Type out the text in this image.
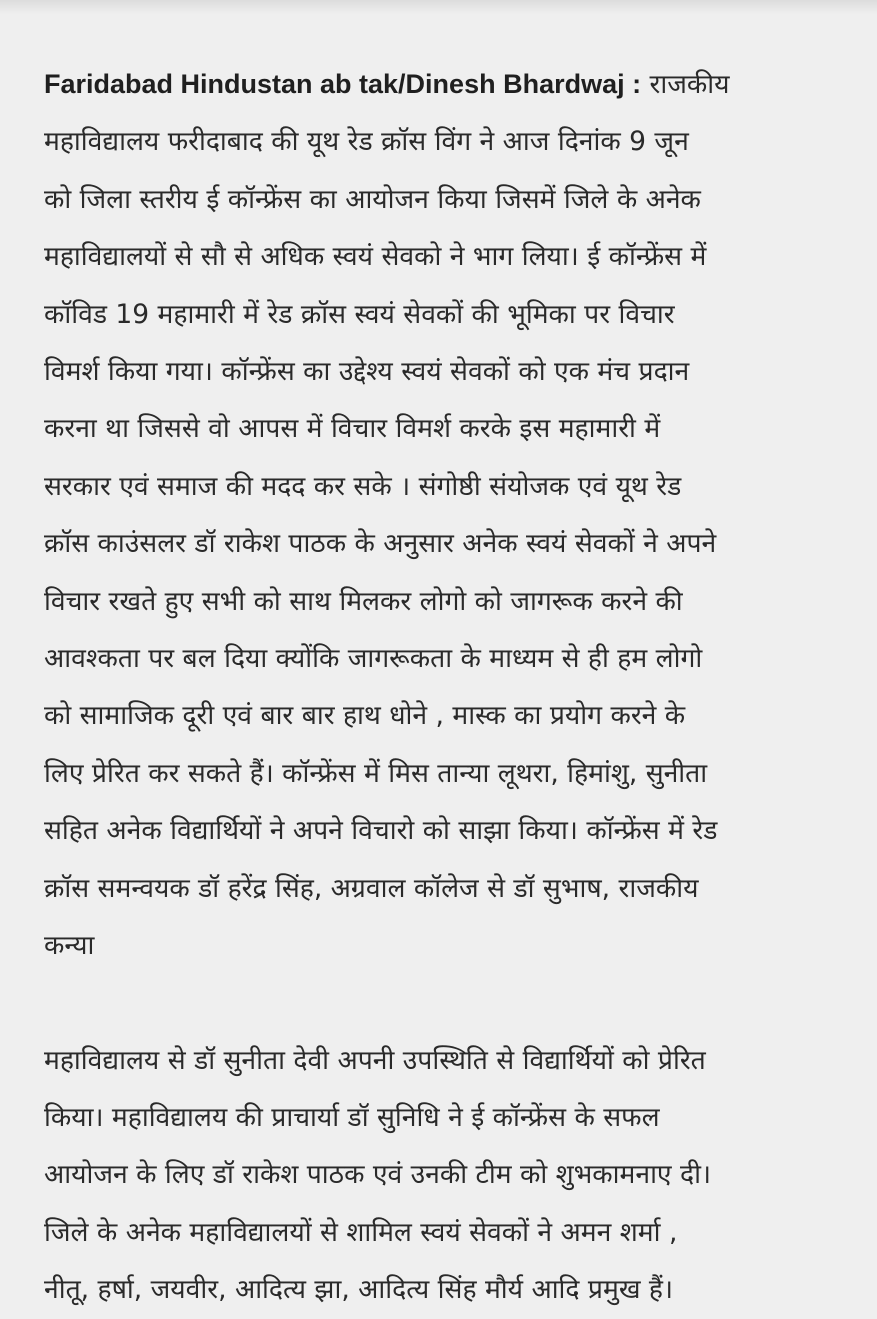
Faridabad Hindustan ab tak/Dinesh Bhardwaj : राजकीय
महाविद्यालय फरीदाबाद की यूथ रेड क्रॉस विंग ने आज दिनांक 9 जून
को जिला स्तरीय ई कॉन्फ्रेंस का आयोजन किया जिसमें जिले के अनेक
महाविद्यालयों से सौ से अधिक स्वयं सेवको ने भाग लिया। ई कॉन्फ्रेंस में
कॉविड 19 महामारी में रेड क्रॉस स्वयं सेवकों की भूमिका पर विचार
विमर्श किया गया। कॉन्फ्रेंस का उद्देश्य स्वयं सेवकों को एक मंच प्रदान
करना था जिससे वो आपस में विचार विमर्श करके इस महामारी में
सरकार एवं समाज की मदद कर सके । संगोष्ठी संयोजक एवं यूथ रेड
क्रॉस काउंसलर डॉ राकेश पाठक के अनुसार अनेक स्वयं सेवकों ने अपने
विचार रखते हुए सभी को साथ मिलकर लोगो को जागरूक करने की
आवश्कता पर बल दिया क्योंकि जागरूकता के माध्यम से ही हम लोगो
को सामाजिक दूरी एवं बार बार हाथ धोने , मास्क का प्रयोग करने के
लिए प्रेरित कर सकते हैं। कॉन्फ्रेंस में मिस तान्या लूथरा, हिमांशु, सुनीता
सहित अनेक विद्यार्थियों ने अपने विचारो को साझा किया। कॉन्फ्रेंस में रेड
क्रॉस समन्वयक डॉ हरेंद्र सिंह, अग्रवाल कॉलेज से डॉ सुभाष, राजकीय
कन्या

महाविद्यालय से डॉ सुनीता देवी अपनी उपस्थिति से विद्यार्थियों को प्रेरित
किया। महाविद्यालय की प्राचार्या डॉ सुनिधि ने ई कॉन्फ्रेंस के सफल
आयोजन के लिए डॉ राकेश पाठक एवं उनकी टीम को शुभकामनाए दी।
जिले के अनेक महाविद्यालयों से शामिल स्वयं सेवकों ने अमन शर्मा ,
नीतू, हर्षा, जयवीर, आदित्य झा, आदित्य सिंह मौर्य आदि प्रमुख हैं।
